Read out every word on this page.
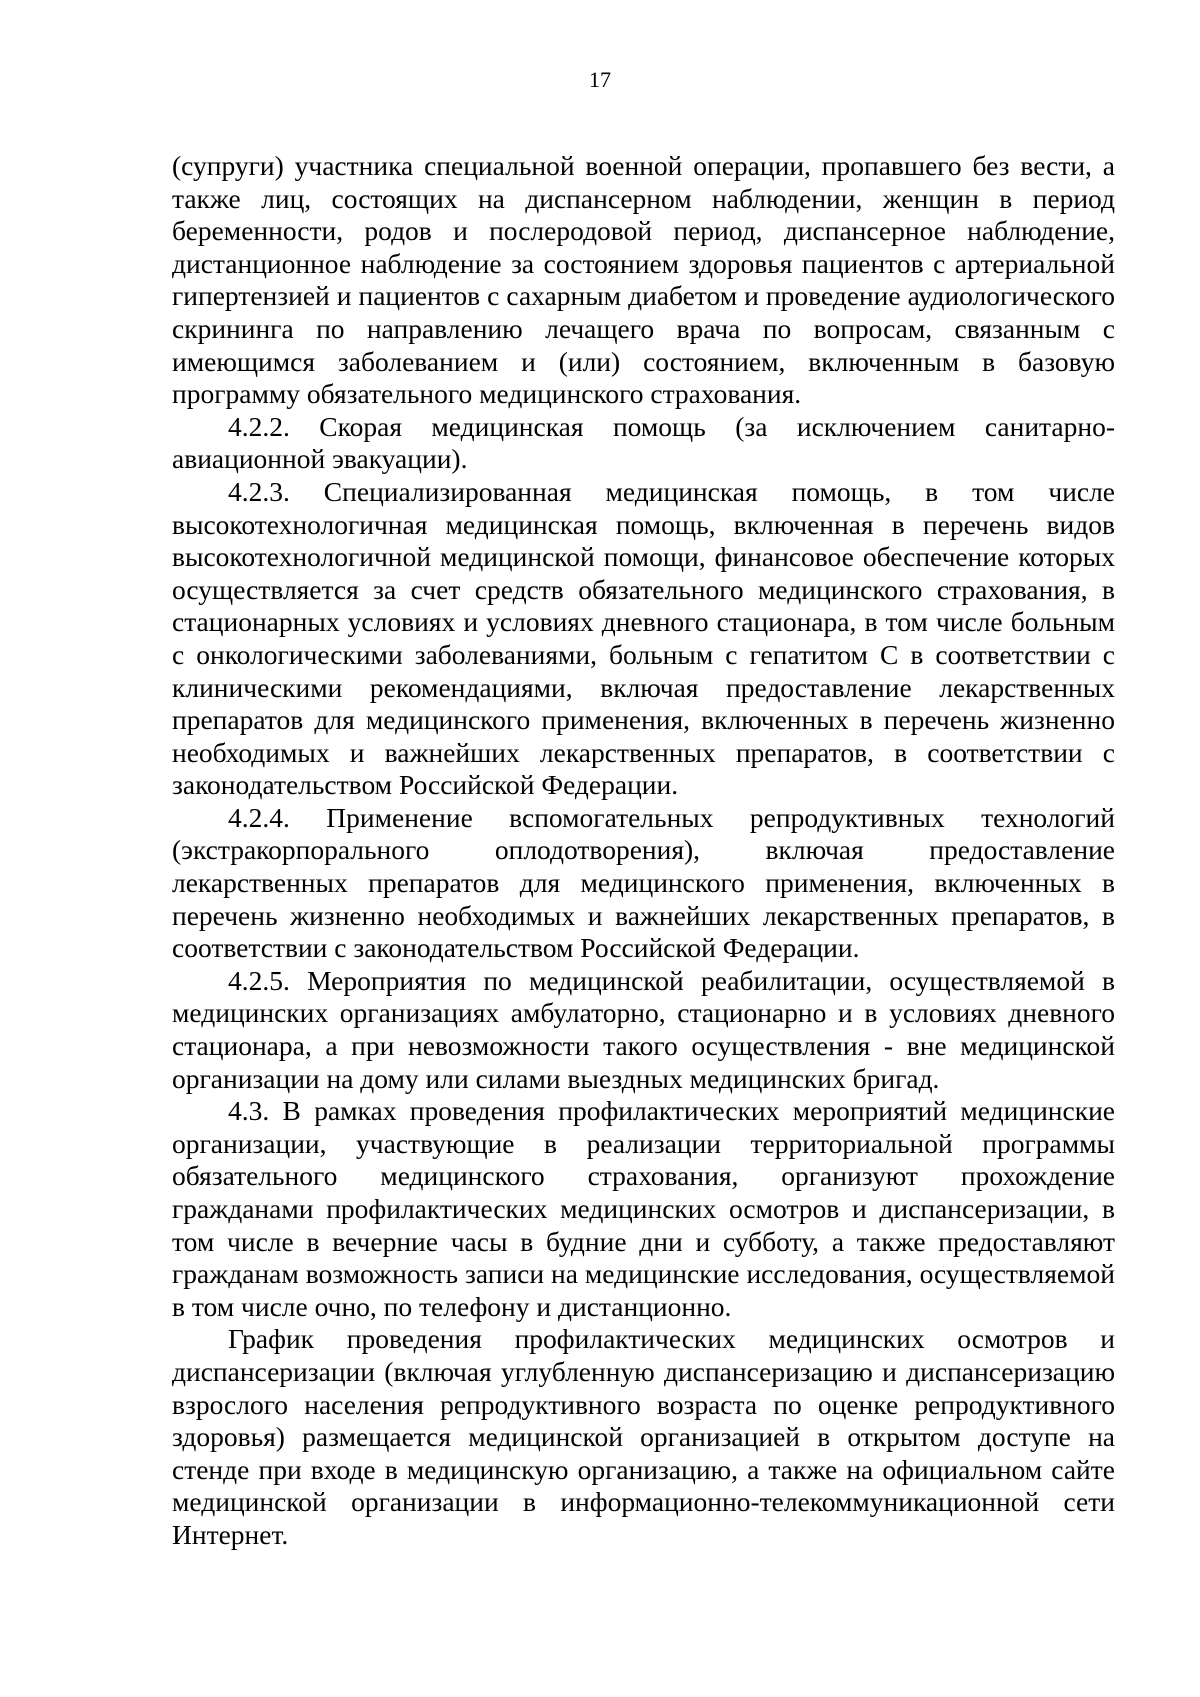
17

(супруги) участника специальной военной операции, пропавшего без вести, а также лиц, состоящих на диспансерном наблюдении, женщин в период беременности, родов и послеродовой период, диспансерное наблюдение, дистанционное наблюдение за состоянием здоровья пациентов с артериальной гипертензией и пациентов с сахарным диабетом и проведение аудиологического скрининга по направлению лечащего врача по вопросам, связанным с имеющимся заболеванием и (или) состоянием, включенным в базовую программу обязательного медицинского страхования.

4.2.2. Скорая медицинская помощь (за исключением санитарно-авиационной эвакуации).

4.2.3. Специализированная медицинская помощь, в том числе высокотехнологичная медицинская помощь, включенная в перечень видов высокотехнологичной медицинской помощи, финансовое обеспечение которых осуществляется за счет средств обязательного медицинского страхования, в стационарных условиях и условиях дневного стационара, в том числе больным с онкологическими заболеваниями, больным с гепатитом С в соответствии с клиническими рекомендациями, включая предоставление лекарственных препаратов для медицинского применения, включенных в перечень жизненно необходимых и важнейших лекарственных препаратов, в соответствии с законодательством Российской Федерации.

4.2.4. Применение вспомогательных репродуктивных технологий (экстракорпорального оплодотворения), включая предоставление лекарственных препаратов для медицинского применения, включенных в перечень жизненно необходимых и важнейших лекарственных препаратов, в соответствии с законодательством Российской Федерации.

4.2.5. Мероприятия по медицинской реабилитации, осуществляемой в медицинских организациях амбулаторно, стационарно и в условиях дневного стационара, а при невозможности такого осуществления - вне медицинской организации на дому или силами выездных медицинских бригад.

4.3. В рамках проведения профилактических мероприятий медицинские организации, участвующие в реализации территориальной программы обязательного медицинского страхования, организуют прохождение гражданами профилактических медицинских осмотров и диспансеризации, в том числе в вечерние часы в будние дни и субботу, а также предоставляют гражданам возможность записи на медицинские исследования, осуществляемой в том числе очно, по телефону и дистанционно.

График проведения профилактических медицинских осмотров и диспансеризации (включая углубленную диспансеризацию и диспансеризацию взрослого населения репродуктивного возраста по оценке репродуктивного здоровья) размещается медицинской организацией в открытом доступе на стенде при входе в медицинскую организацию, а также на официальном сайте медицинской организации в информационно-телекоммуникационной сети Интернет.
